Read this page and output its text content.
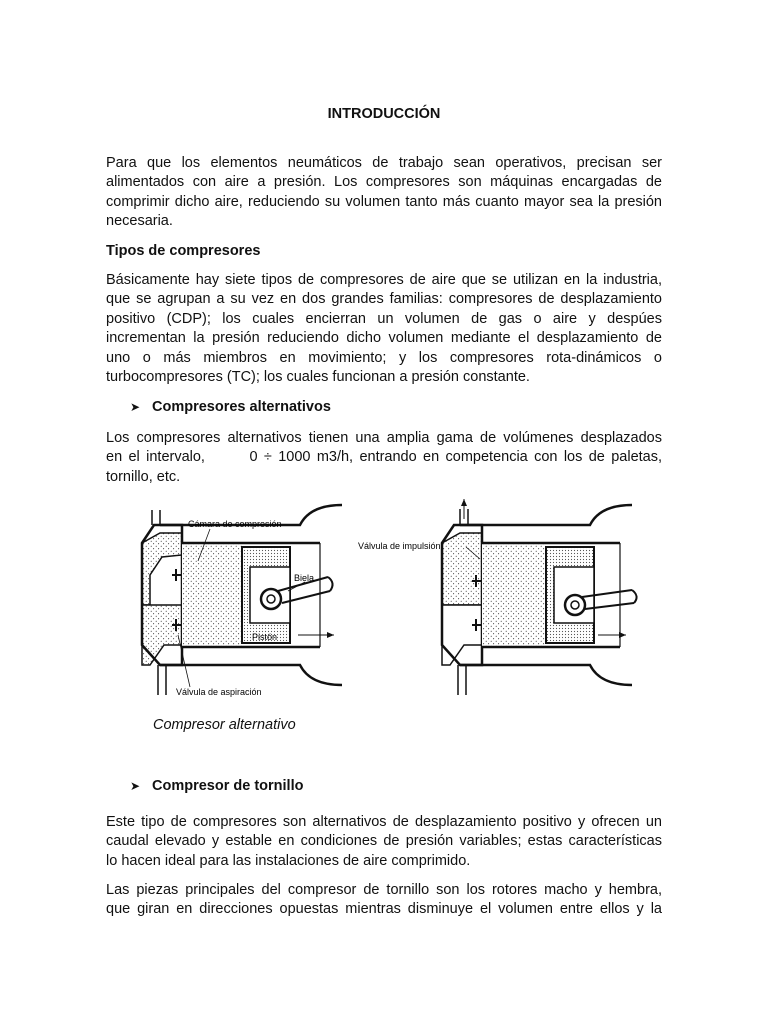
INTRODUCCIÓN
Para que los elementos neumáticos de trabajo sean operativos, precisan ser
alimentados con aire a presión. Los compresores son máquinas encargadas de
comprimir dicho aire, reduciendo su volumen tanto más cuanto mayor sea la presión
necesaria.
Tipos de compresores
Básicamente hay siete tipos de compresores de aire que se utilizan en la industria,
que se agrupan a su vez en dos grandes familias: compresores de desplazamiento
positivo (CDP); los cuales encierran un volumen de gas o aire y despúes
incrementan la presión reduciendo dicho volumen mediante el desplazamiento de
uno o más miembros en movimiento; y los compresores rota-dinámicos o
turbocompresores (TC); los cuales funcionan a presión constante.
➤ Compresores alternativos
Los compresores alternativos tienen una amplia gama de volúmenes desplazados
en el intervalo,       0 ÷ 1000 m3/h, entrando en competencia con los de paletas,
tornillo, etc.
Cámara de compresión
Biela
Pistón
Válvula de aspiración
Válvula de impulsión
Compresor alternativo
➤ Compresor de tornillo
Este tipo de compresores son alternativos de desplazamiento positivo y ofrecen un
caudal elevado y estable en condiciones de presión variables; estas características
lo hacen ideal para las instalaciones de aire comprimido.
Las piezas principales del compresor de tornillo son los rotores macho y hembra,
que giran en direcciones opuestas mientras disminuye el volumen entre ellos y la
